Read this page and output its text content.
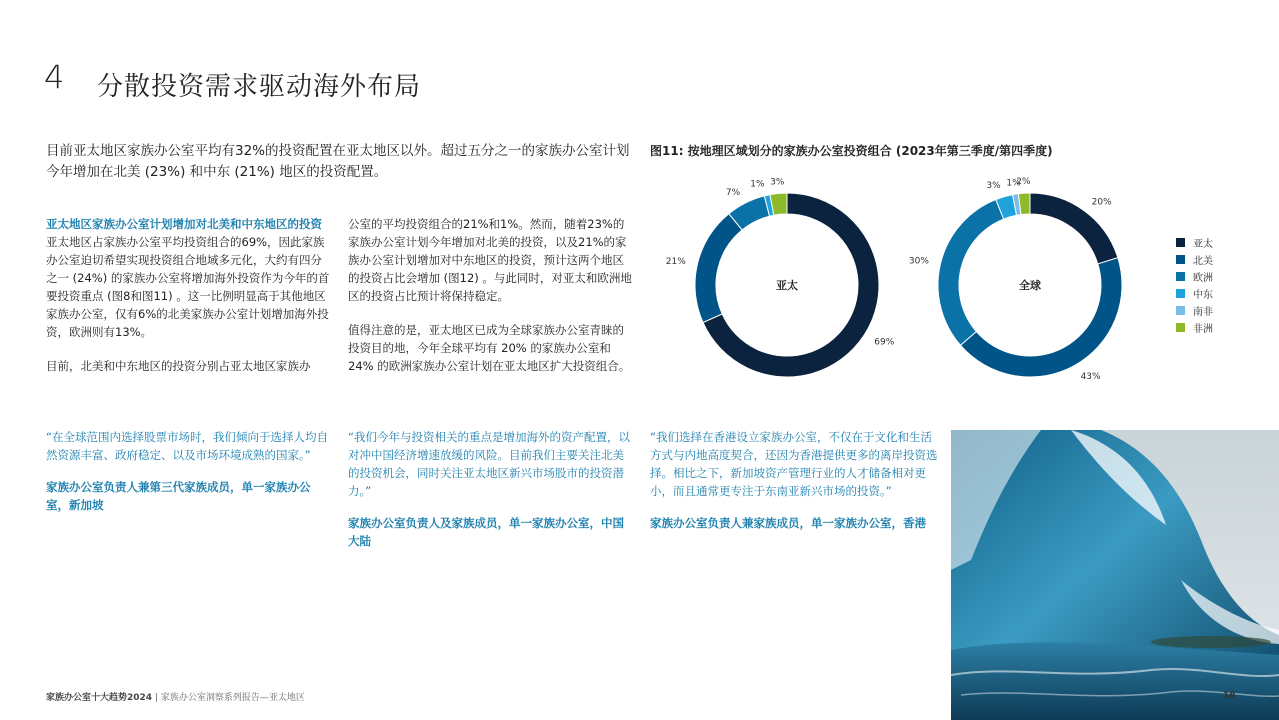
4 分散投资需求驱动海外布局
目前亚太地区家族办公室平均有32%的投资配置在亚太地区以外。超过五分之一的家族办公室计划今年增加在北美 (23%) 和中东 (21%) 地区的投资配置。
亚太地区家族办公室计划增加对北美和中东地区的投资

亚太地区占家族办公室平均投资组合的69%，因此家族办公室迫切希望实现投资组合地域多元化，大约有四分之一 (24%) 的家族办公室将增加海外投资作为今年的首要投资重点 (图8和图11) 。这一比例明显高于其他地区家族办公室，仅有6%的北美家族办公室计划增加海外投资，欧洲则有13%。

目前，北美和中东地区的投资分别占亚太地区家族办

公室的平均投资组合的21%和1%。然而，随着23%的家族办公室计划今年增加对北美的投资，以及21%的家族办公室计划增加对中东地区的投资，预计这两个地区的投资占比会增加 (图12) 。与此同时，对亚太和欧洲地区的投资占比预计将保持稳定。

值得注意的是，亚太地区已成为全球家族办公室青睐的投资目的地，今年全球平均有 20% 的家族办公室和 24% 的欧洲家族办公室计划在亚太地区扩大投资组合。

“在全球范围内选择股票市场时，我们倾向于选择人均自然资源丰富、政府稳定、以及市场环境成熟的国家。”

家族办公室负责人兼第三代家族成员，单一家族办公室，新加坡

“我们今年与投资相关的重点是增加海外的资产配置，以对冲中国经济增速放缓的风险。目前我们主要关注北美的投资机会，同时关注亚太地区新兴市场股市的投资潜力。”

家族办公室负责人及家族成员，单一家族办公室，中国大陆

“我们选择在香港设立家族办公室，不仅在于文化和生活方式与内地高度契合，还因为香港提供更多的离岸投资选择。相比之下，新加坡资产管理行业的人才储备相对更小，而且通常更专注于东南亚新兴市场的投资。”

家族办公室负责人兼家族成员，单一家族办公室，香港
图11: 按地理区域划分的家族办公室投资组合 (2023年第三季度/第四季度)
69%
21%
7%
1% 3%
亚太
20%
43%
30%
3% 1%
2%
全球
亚太
北美
欧洲
中东
南非
非洲
家族办公室十大趋势2024 | 家族办公室洞察系列报告—亚太地区	18
